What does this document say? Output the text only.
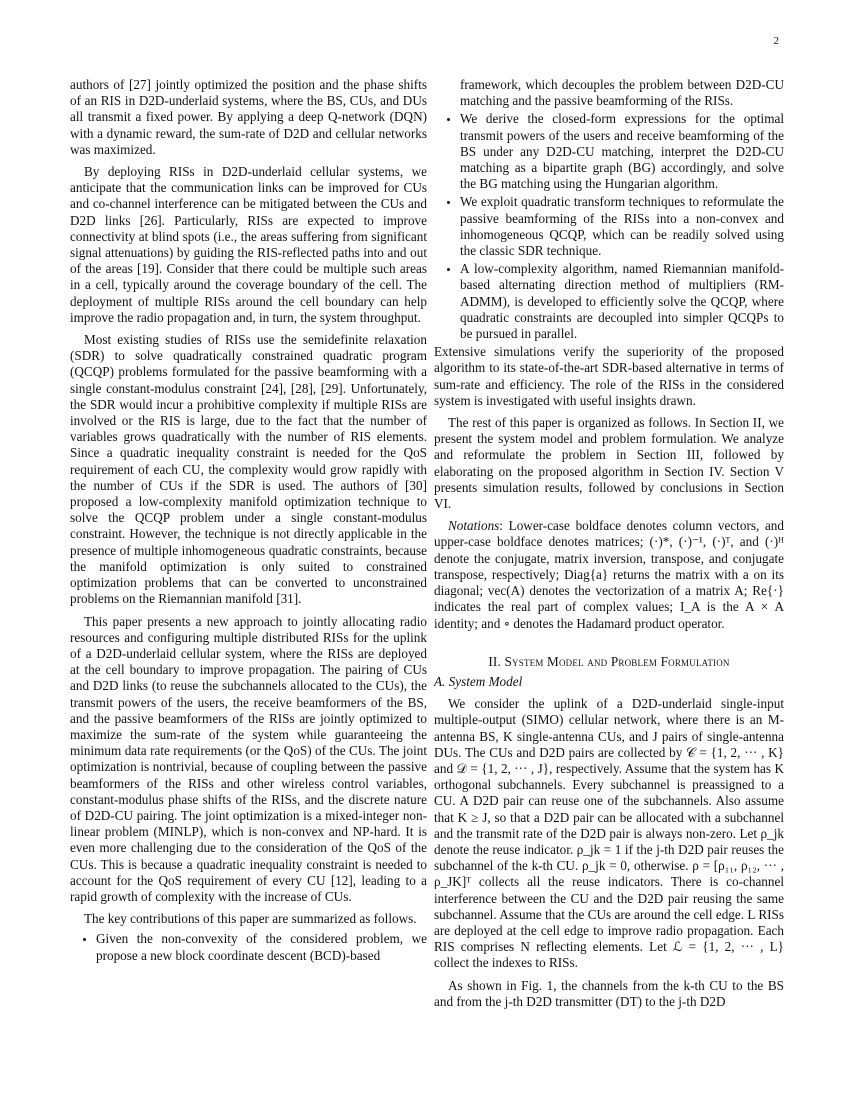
2

authors of [27] jointly optimized the position and the phase shifts of an RIS in D2D-underlaid systems, where the BS, CUs, and DUs all transmit a fixed power. By applying a deep Q-network (DQN) with a dynamic reward, the sum-rate of D2D and cellular networks was maximized.

By deploying RISs in D2D-underlaid cellular systems, we anticipate that the communication links can be improved for CUs and co-channel interference can be mitigated between the CUs and D2D links [26]. Particularly, RISs are expected to improve connectivity at blind spots (i.e., the areas suffering from significant signal attenuations) by guiding the RIS-reflected paths into and out of the areas [19]. Consider that there could be multiple such areas in a cell, typically around the coverage boundary of the cell. The deployment of multiple RISs around the cell boundary can help improve the radio propagation and, in turn, the system throughput.

Most existing studies of RISs use the semidefinite relaxation (SDR) to solve quadratically constrained quadratic program (QCQP) problems formulated for the passive beamforming with a single constant-modulus constraint [24], [28], [29]. Unfortunately, the SDR would incur a prohibitive complexity if multiple RISs are involved or the RIS is large, due to the fact that the number of variables grows quadratically with the number of RIS elements. Since a quadratic inequality constraint is needed for the QoS requirement of each CU, the complexity would grow rapidly with the number of CUs if the SDR is used. The authors of [30] proposed a low-complexity manifold optimization technique to solve the QCQP problem under a single constant-modulus constraint. However, the technique is not directly applicable in the presence of multiple inhomogeneous quadratic constraints, because the manifold optimization is only suited to constrained optimization problems that can be converted to unconstrained problems on the Riemannian manifold [31].

This paper presents a new approach to jointly allocating radio resources and configuring multiple distributed RISs for the uplink of a D2D-underlaid cellular system, where the RISs are deployed at the cell boundary to improve propagation. The pairing of CUs and D2D links (to reuse the subchannels allocated to the CUs), the transmit powers of the users, the receive beamformers of the BS, and the passive beamformers of the RISs are jointly optimized to maximize the sum-rate of the system while guaranteeing the minimum data rate requirements (or the QoS) of the CUs. The joint optimization is nontrivial, because of coupling between the passive beamformers of the RISs and other wireless control variables, constant-modulus phase shifts of the RISs, and the discrete nature of D2D-CU pairing. The joint optimization is a mixed-integer non-linear problem (MINLP), which is non-convex and NP-hard. It is even more challenging due to the consideration of the QoS of the CUs. This is because a quadratic inequality constraint is needed to account for the QoS requirement of every CU [12], leading to a rapid growth of complexity with the increase of CUs.

The key contributions of this paper are summarized as follows.

• Given the non-convexity of the considered problem, we propose a new block coordinate descent (BCD)-based
framework, which decouples the problem between D2D-CU matching and the passive beamforming of the RISs.
• We derive the closed-form expressions for the optimal transmit powers of the users and receive beamforming of the BS under any D2D-CU matching, interpret the D2D-CU matching as a bipartite graph (BG) accordingly, and solve the BG matching using the Hungarian algorithm.
• We exploit quadratic transform techniques to reformulate the passive beamforming of the RISs into a non-convex and inhomogeneous QCQP, which can be readily solved using the classic SDR technique.
• A low-complexity algorithm, named Riemannian manifold-based alternating direction method of multipliers (RM-ADMM), is developed to efficiently solve the QCQP, where quadratic constraints are decoupled into simpler QCQPs to be pursued in parallel.

Extensive simulations verify the superiority of the proposed algorithm to its state-of-the-art SDR-based alternative in terms of sum-rate and efficiency. The role of the RISs in the considered system is investigated with useful insights drawn.

The rest of this paper is organized as follows. In Section II, we present the system model and problem formulation. We analyze and reformulate the problem in Section III, followed by elaborating on the proposed algorithm in Section IV. Section V presents simulation results, followed by conclusions in Section VI.

Notations: Lower-case boldface denotes column vectors, and upper-case boldface denotes matrices; (·)*, (·)⁻¹, (·)ᵀ, and (·)ᴴ denote the conjugate, matrix inversion, transpose, and conjugate transpose, respectively; Diag{a} returns the matrix with a on its diagonal; vec(A) denotes the vectorization of a matrix A; Re{·} indicates the real part of complex values; I_A is the A × A identity; and ∘ denotes the Hadamard product operator.

II. System Model and Problem Formulation
A. System Model

We consider the uplink of a D2D-underlaid single-input multiple-output (SIMO) cellular network, where there is an M-antenna BS, K single-antenna CUs, and J pairs of single-antenna DUs. The CUs and D2D pairs are collected by 𝒞 = {1, 2, ··· , K} and 𝒟 = {1, 2, ··· , J}, respectively. Assume that the system has K orthogonal subchannels. Every subchannel is preassigned to a CU. A D2D pair can reuse one of the subchannels. Also assume that K ≥ J, so that a D2D pair can be allocated with a subchannel and the transmit rate of the D2D pair is always non-zero. Let ρ_jk denote the reuse indicator. ρ_jk = 1 if the j-th D2D pair reuses the subchannel of the k-th CU. ρ_jk = 0, otherwise. ρ = [ρ₁₁, ρ₁₂, ··· , ρ_JK]ᵀ collects all the reuse indicators. There is co-channel interference between the CU and the D2D pair reusing the same subchannel. Assume that the CUs are around the cell edge. L RISs are deployed at the cell edge to improve radio propagation. Each RIS comprises N reflecting elements. Let ℒ = {1, 2, ··· , L} collect the indexes to RISs.

As shown in Fig. 1, the channels from the k-th CU to the BS and from the j-th D2D transmitter (DT) to the j-th D2D
